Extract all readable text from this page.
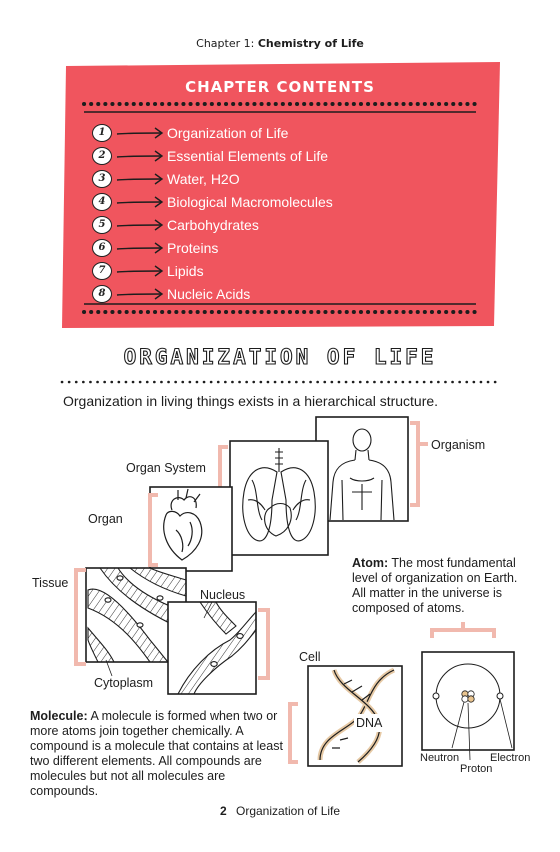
Chapter 1: Chemistry of Life
CHAPTER CONTENTS
1	Organization of Life
2	Essential Elements of Life
3	Water, H2O
4	Biological Macromolecules
5	Carbohydrates
6	Proteins
7	Lipids
8	Nucleic Acids
ORGANIZATION OF LIFE
Organization in living things exists in a hierarchical structure.
Organism
Organ System
Organ
Tissue
Nucleus
Cytoplasm
Cell
DNA
Neutron
Proton
Electron
Atom: The most fundamental level of organization on Earth. All matter in the universe is composed of atoms.
Molecule: A molecule is formed when two or more atoms join together chemically. A compound is a molecule that contains at least two different elements. All compounds are molecules but not all molecules are compounds.
2 Organization of Life
